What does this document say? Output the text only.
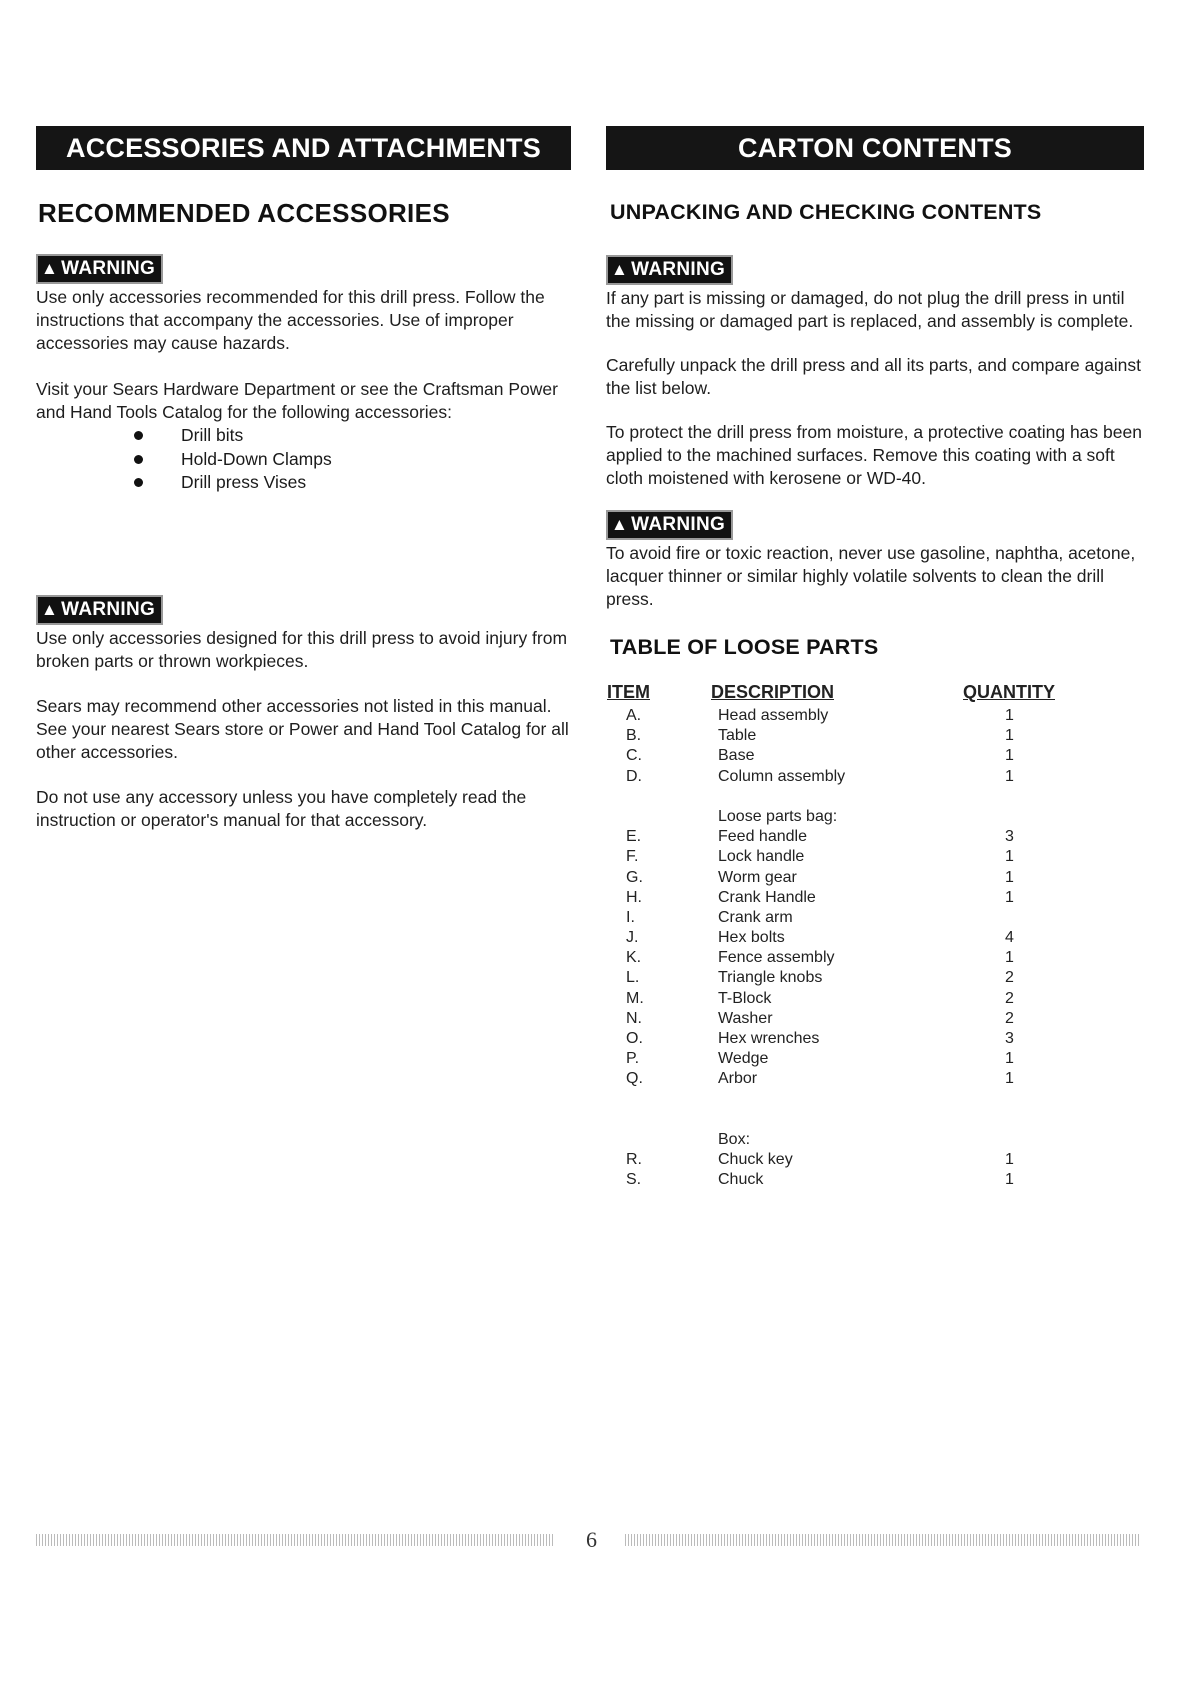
ACCESSORIES AND ATTACHMENTS
RECOMMENDED ACCESSORIES
▲ WARNING

Use only accessories recommended for this drill press. Follow the instructions that accompany the accessories. Use of improper accessories may cause hazards.

Visit your Sears Hardware Department or see the Craftsman Power and Hand Tools Catalog for the following accessories:

Drill bits
Hold-Down Clamps
Drill press Vises
▲ WARNING

Use only accessories designed for this drill press to avoid injury from broken parts or thrown workpieces.

Sears may recommend other accessories not listed in this manual. See your nearest Sears store or Power and Hand Tool Catalog for all other accessories.

Do not use any accessory unless you have completely read the instruction or operator's manual for that accessory.

CARTON CONTENTS
UNPACKING AND CHECKING CONTENTS
▲ WARNING

If any part is missing or damaged, do not plug the drill press in until the missing or damaged part is replaced, and assembly is complete.

Carefully unpack the drill press and all its parts, and compare against the list below.

To protect the drill press from moisture, a protective coating has been applied to the machined surfaces. Remove this coating with a soft cloth moistened with kerosene or WD-40.

▲ WARNING

To avoid fire or toxic reaction, never use gasoline, naphtha, acetone, lacquer thinner or similar highly volatile solvents to clean the drill press.

TABLE OF LOOSE PARTS
ITEM	DESCRIPTION	QUANTITY
A.	Head assembly	1
B.	Table	1
C.	Base	1
D.	Column assembly	1
Loose parts bag:
E.	Feed handle	3
F.	Lock handle	1
G.	Worm gear	1
H.	Crank Handle	1
I.	Crank arm
J.	Hex bolts	4
K.	Fence assembly	1
L.	Triangle knobs	2
M.	T-Block	2
N.	Washer	2
O.	Hex wrenches	3
P.	Wedge	1
Q.	Arbor	1
Box:
R.	Chuck key	1
S.	Chuck	1
6
